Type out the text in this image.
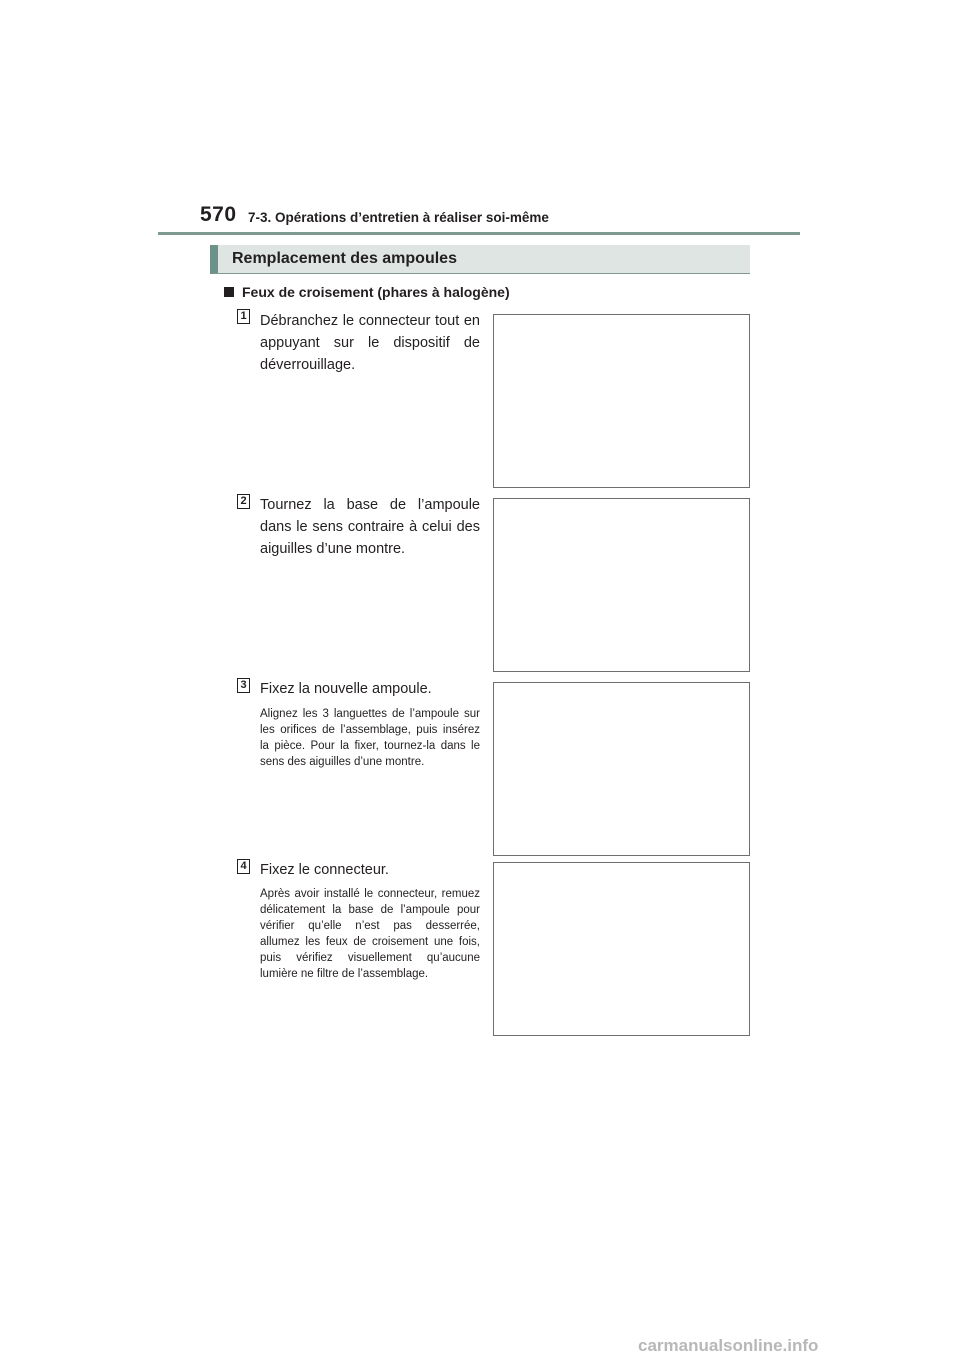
570 7-3. Opérations d’entretien à réaliser soi-même
Remplacement des ampoules
Feux de croisement (phares à halogène)
1 Débranchez le connecteur tout en appuyant sur le dispositif de déverrouillage.
2 Tournez la base de l’ampoule dans le sens contraire à celui des aiguilles d’une montre.
3 Fixez la nouvelle ampoule.
Alignez les 3 languettes de l’ampoule sur les orifices de l’assemblage, puis insérez la pièce. Pour la fixer, tournez-la dans le sens des aiguilles d’une montre.
4 Fixez le connecteur.
Après avoir installé le connecteur, remuez délicatement la base de l’ampoule pour vérifier qu’elle n’est pas desserrée, allumez les feux de croisement une fois, puis vérifiez visuellement qu’aucune lumière ne filtre de l’assemblage.
carmanualsonline.info
